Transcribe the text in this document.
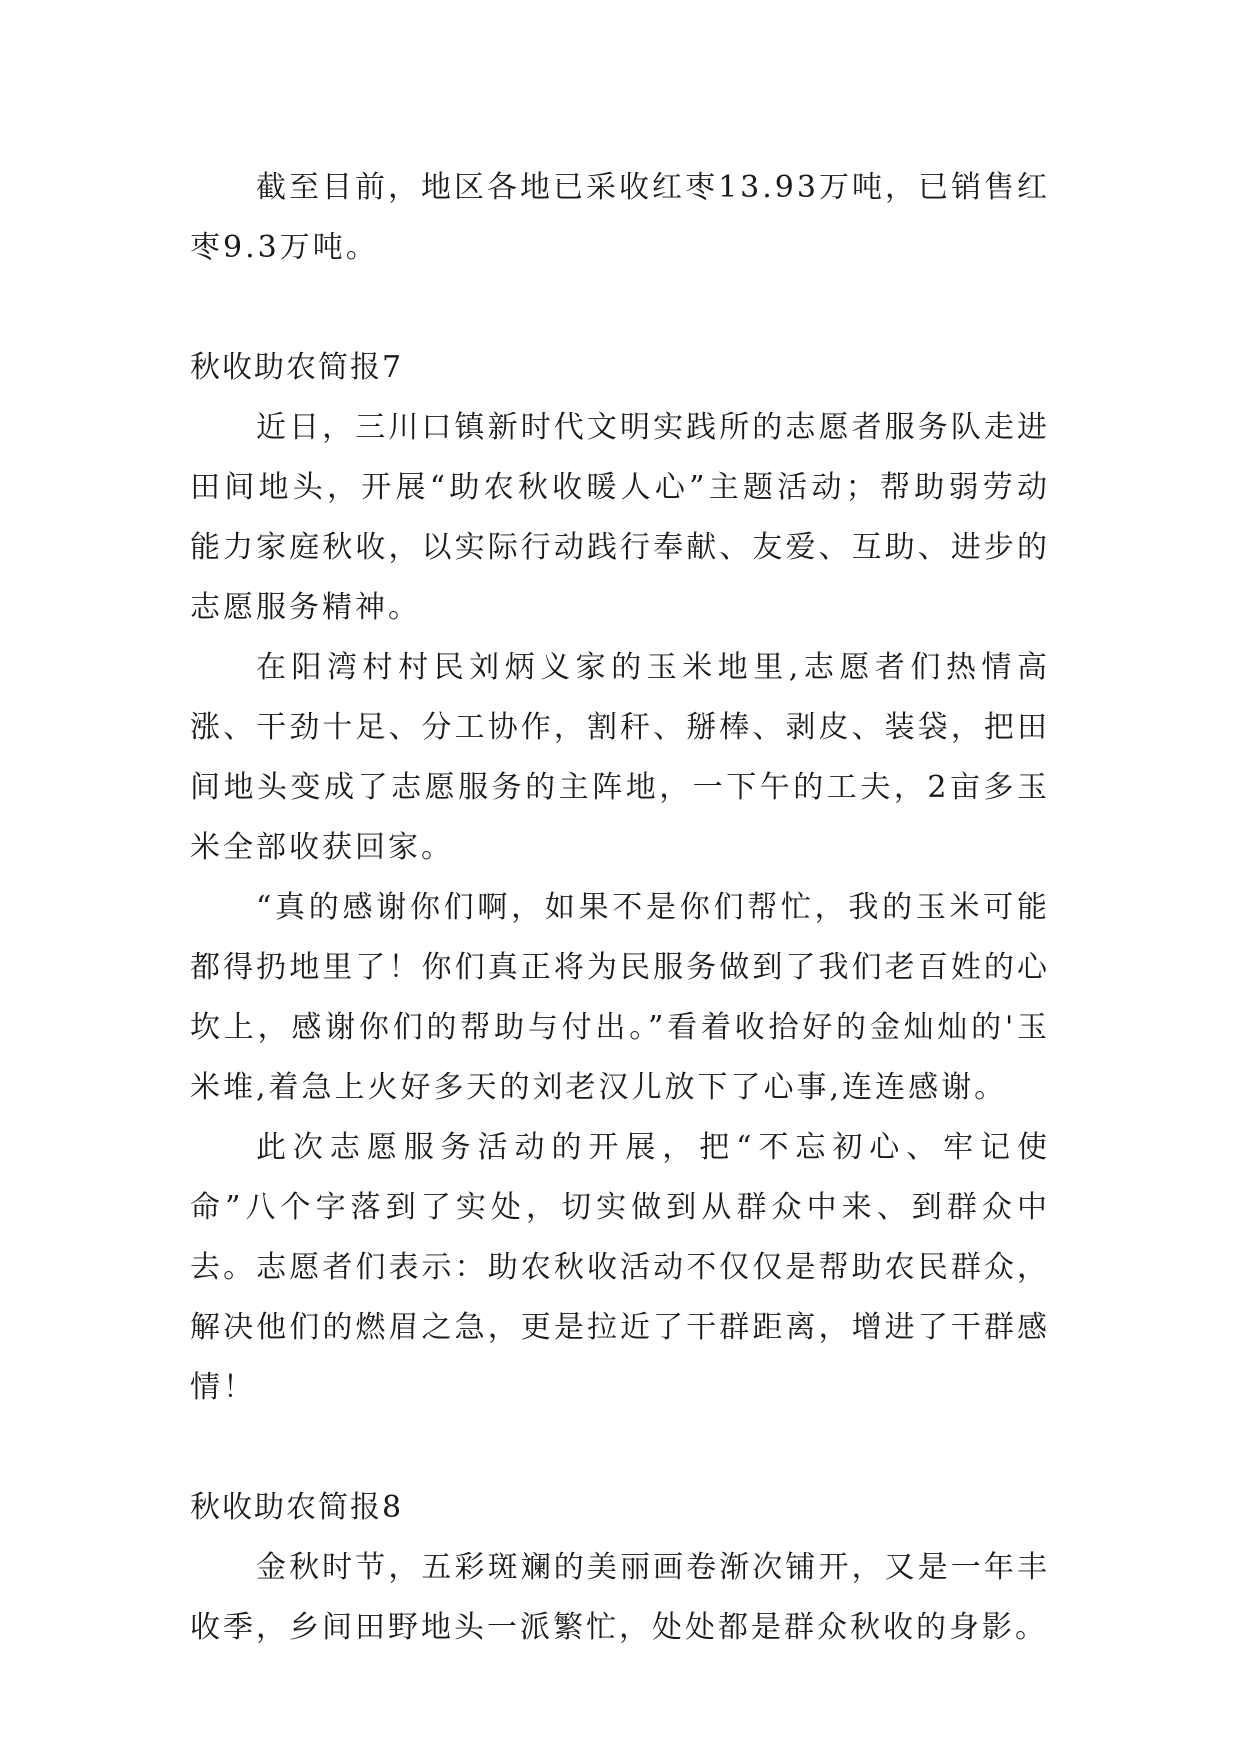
截至目前，地区各地已采收红枣13.93万吨，已销售红枣9.3万吨。

秋收助农简报7

近日，三川口镇新时代文明实践所的志愿者服务队走进田间地头，开展“助农秋收暖人心”主题活动；帮助弱劳动能力家庭秋收，以实际行动践行奉献、友爱、互助、进步的志愿服务精神。

在阳湾村村民刘炳义家的玉米地里,志愿者们热情高涨、干劲十足、分工协作，割秆、掰棒、剥皮、装袋，把田间地头变成了志愿服务的主阵地，一下午的工夫，2亩多玉米全部收获回家。

“真的感谢你们啊，如果不是你们帮忙，我的玉米可能都得扔地里了！你们真正将为民服务做到了我们老百姓的心坎上，感谢你们的帮助与付出。”看着收拾好的金灿灿的'玉米堆,着急上火好多天的刘老汉儿放下了心事,连连感谢。

此次志愿服务活动的开展，把“不忘初心、牢记使命”八个字落到了实处，切实做到从群众中来、到群众中去。志愿者们表示：助农秋收活动不仅仅是帮助农民群众，解决他们的燃眉之急，更是拉近了干群距离，增进了干群感情！

秋收助农简报8

金秋时节，五彩斑斓的美丽画卷渐次铺开，又是一年丰收季，乡间田野地头一派繁忙，处处都是群众秋收的身影。
